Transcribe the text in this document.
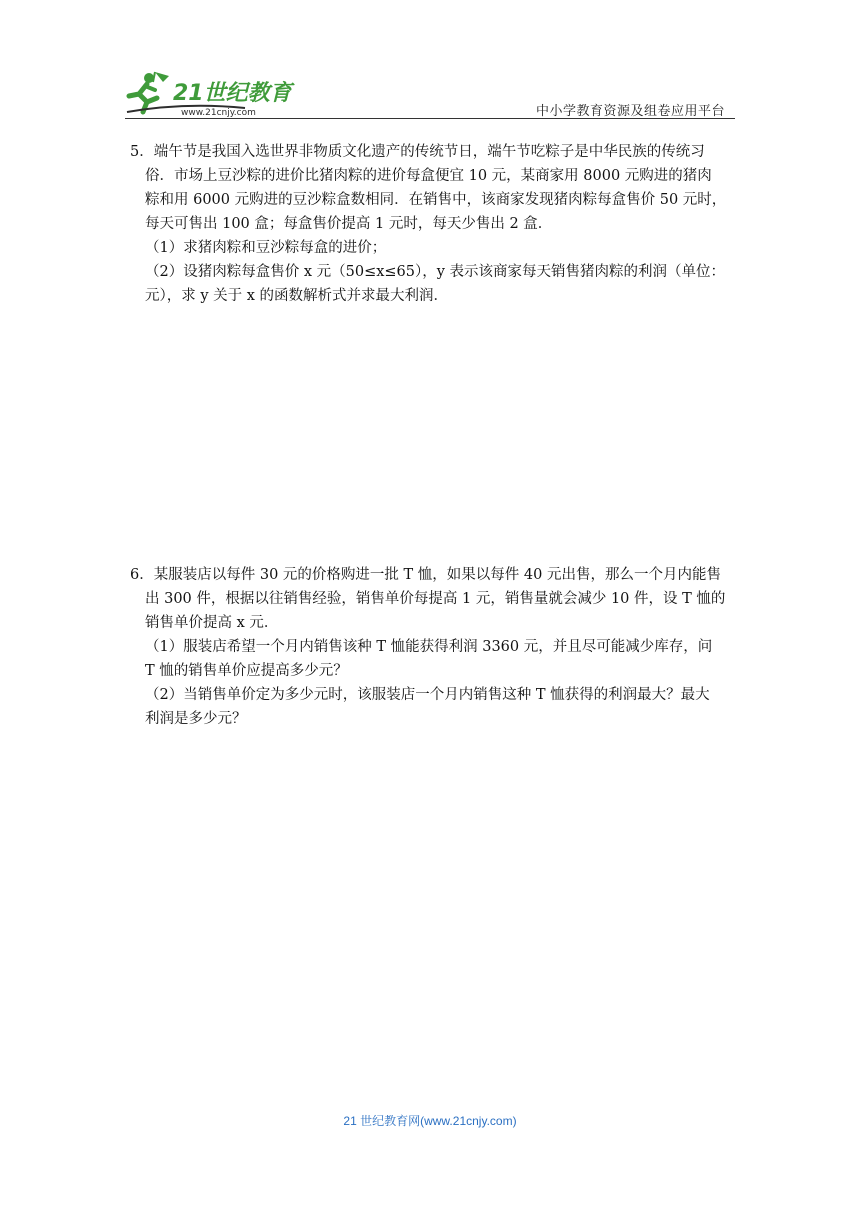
21世纪教育
www.21cnjy.com	中小学教育资源及组卷应用平台
5．端午节是我国入选世界非物质文化遗产的传统节日，端午节吃粽子是中华民族的传统习
俗．市场上豆沙粽的进价比猪肉粽的进价每盒便宜 10 元，某商家用 8000 元购进的猪肉
粽和用 6000 元购进的豆沙粽盒数相同．在销售中，该商家发现猪肉粽每盒售价 50 元时，
每天可售出 100 盒；每盒售价提高 1 元时，每天少售出 2 盒．
（1）求猪肉粽和豆沙粽每盒的进价；
（2）设猪肉粽每盒售价 x 元（50≤x≤65），y 表示该商家每天销售猪肉粽的利润（单位：
元），求 y 关于 x 的函数解析式并求最大利润．
6．某服装店以每件 30 元的价格购进一批 T 恤，如果以每件 40 元出售，那么一个月内能售
出 300 件，根据以往销售经验，销售单价每提高 1 元，销售量就会减少 10 件，设 T 恤的
销售单价提高 x 元．
（1）服装店希望一个月内销售该种 T 恤能获得利润 3360 元，并且尽可能减少库存，问
T 恤的销售单价应提高多少元？
（2）当销售单价定为多少元时，该服装店一个月内销售这种 T 恤获得的利润最大？最大
利润是多少元？
21 世纪教育网(www.21cnjy.com)
